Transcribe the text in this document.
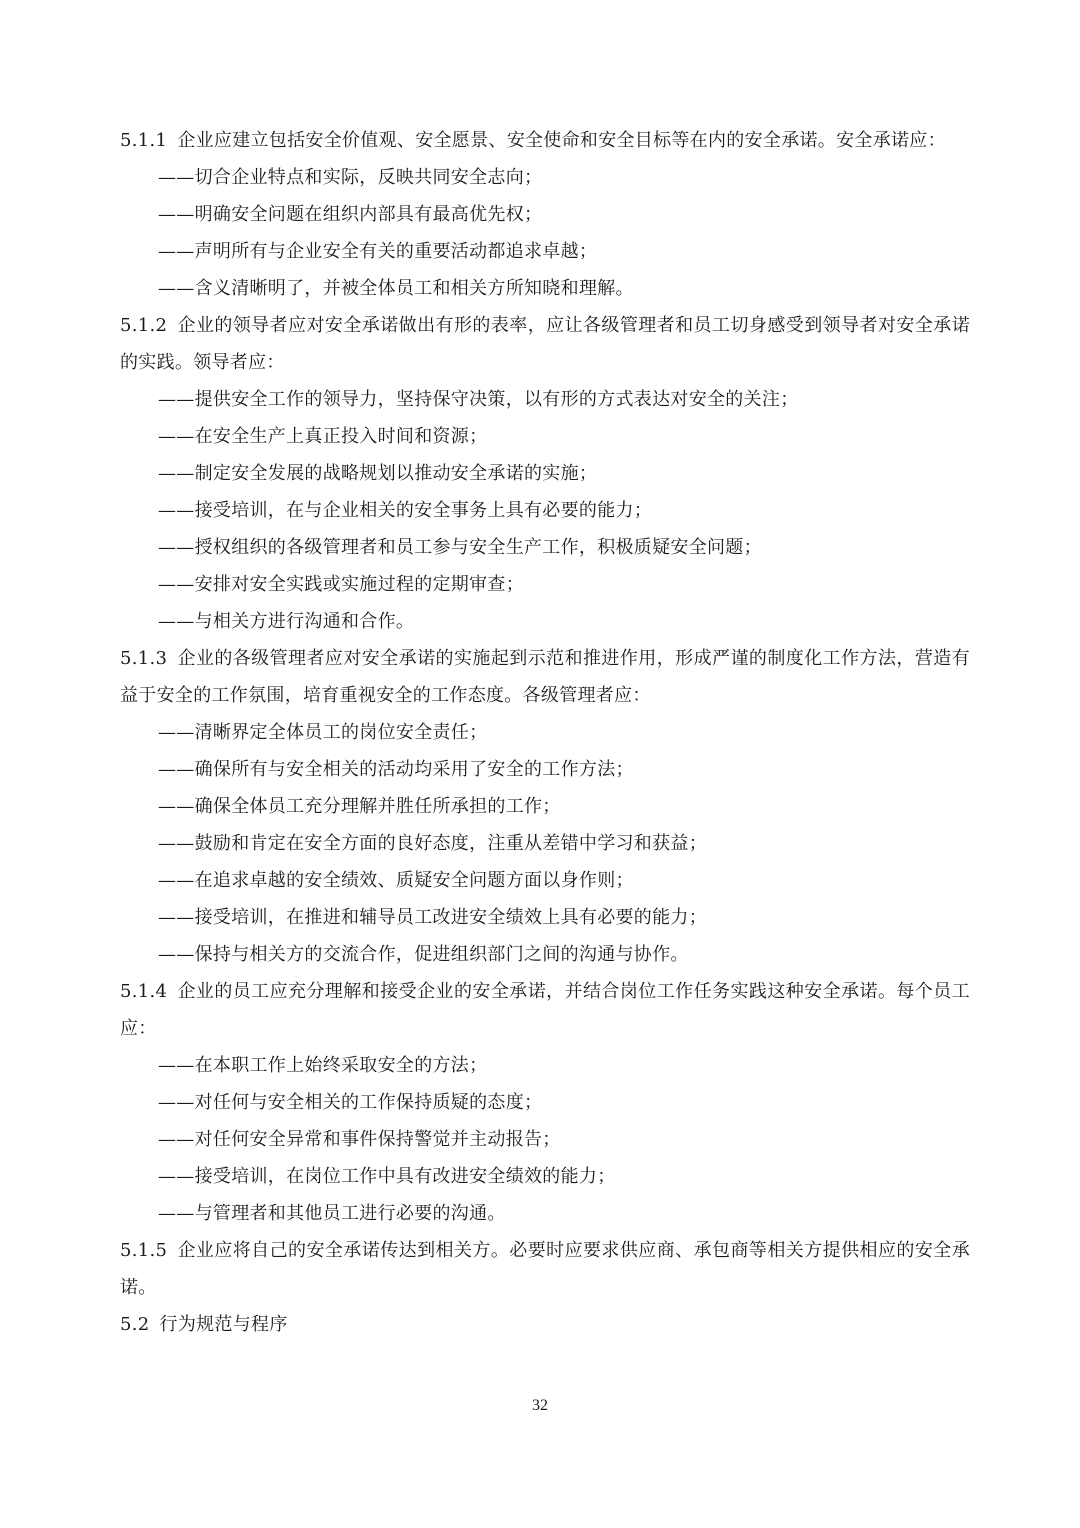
5.1.1 企业应建立包括安全价值观、安全愿景、安全使命和安全目标等在内的安全承诺。安全承诺应：

——切合企业特点和实际，反映共同安全志向；

——明确安全问题在组织内部具有最高优先权；

——声明所有与企业安全有关的重要活动都追求卓越；

——含义清晰明了，并被全体员工和相关方所知晓和理解。

5.1.2 企业的领导者应对安全承诺做出有形的表率，应让各级管理者和员工切身感受到领导者对安全承诺的实践。领导者应：

——提供安全工作的领导力，坚持保守决策，以有形的方式表达对安全的关注；

——在安全生产上真正投入时间和资源；

——制定安全发展的战略规划以推动安全承诺的实施；

——接受培训，在与企业相关的安全事务上具有必要的能力；

——授权组织的各级管理者和员工参与安全生产工作，积极质疑安全问题；

——安排对安全实践或实施过程的定期审查；

——与相关方进行沟通和合作。

5.1.3 企业的各级管理者应对安全承诺的实施起到示范和推进作用，形成严谨的制度化工作方法，营造有益于安全的工作氛围，培育重视安全的工作态度。各级管理者应：

——清晰界定全体员工的岗位安全责任；

——确保所有与安全相关的活动均采用了安全的工作方法；

——确保全体员工充分理解并胜任所承担的工作；

——鼓励和肯定在安全方面的良好态度，注重从差错中学习和获益；

——在追求卓越的安全绩效、质疑安全问题方面以身作则；

——接受培训，在推进和辅导员工改进安全绩效上具有必要的能力；

——保持与相关方的交流合作，促进组织部门之间的沟通与协作。

5.1.4 企业的员工应充分理解和接受企业的安全承诺，并结合岗位工作任务实践这种安全承诺。每个员工应：

——在本职工作上始终采取安全的方法；

——对任何与安全相关的工作保持质疑的态度；

——对任何安全异常和事件保持警觉并主动报告；

——接受培训，在岗位工作中具有改进安全绩效的能力；

——与管理者和其他员工进行必要的沟通。

5.1.5 企业应将自己的安全承诺传达到相关方。必要时应要求供应商、承包商等相关方提供相应的安全承诺。

5.2 行为规范与程序

32
